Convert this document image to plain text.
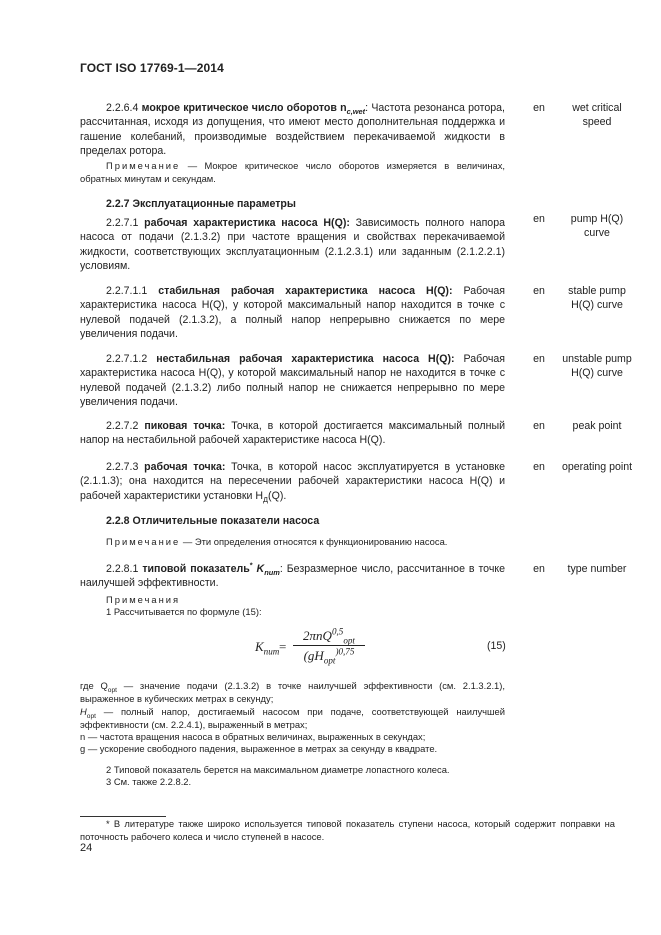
ГОСТ ISO 17769-1—2014
2.2.6.4 мокрое критическое число оборотов $n_{c,wet}$: Частота резонанса ротора, рассчитанная, исходя из допущения, что имеют место дополнительная поддержка и гашение колебаний, производимые воздействием перекачиваемой жидкости в пределах ротора.
en	wet critical speed
Примечание — Мокрое критическое число оборотов измеряется в величинах, обратных минутам и секундам.
2.2.7 Эксплуатационные параметры
2.2.7.1 рабочая характеристика насоса H(Q): Зависимость полного напора насоса от подачи (2.1.3.2) при частоте вращения и свойствах перекачиваемой жидкости, соответствующих эксплуатационным (2.1.2.3.1) или заданным (2.1.2.2.1) условиям.
en	pump H(Q) curve
2.2.7.1.1 стабильная рабочая характеристика насоса H(Q): Рабочая характеристика насоса H(Q), у которой максимальный напор находится в точке с нулевой подачей (2.1.3.2), а полный напор непрерывно снижается по мере увеличения подачи.
en	stable pump H(Q) curve
2.2.7.1.2 нестабильная рабочая характеристика насоса H(Q): Рабочая характеристика насоса H(Q), у которой максимальный напор не находится в точке с нулевой подачей (2.1.3.2) либо полный напор не снижается непрерывно по мере увеличения подачи.
en	unstable pump H(Q) curve
2.2.7.2 пиковая точка: Точка, в которой достигается максимальный полный напор на нестабильной рабочей характеристике насоса H(Q).
en	peak point
2.2.7.3 рабочая точка: Точка, в которой насос эксплуатируется в установке (2.1.1.3); она находится на пересечении рабочей характеристики насоса H(Q) и рабочей характеристики установки $H_Д(Q)$.
en	operating point
2.2.8 Отличительные показатели насоса
Примечание — Эти определения относятся к функционированию насоса.
2.2.8.1 типовой показатель* $K_{num}$: Безразмерное число, рассчитанное в точке наилучшей эффективности.
en	type number
Примечания
1 Рассчитывается по формуле (15):
$K_{num}$ =
2πnQ$^{0,5}_{opt}$
($gH_{opt}^{)0,75}$	(15)
где $Q_{opt}$ — значение подачи (2.1.3.2) в точке наилучшей эффективности (см. 2.1.3.2.1), выраженное в кубических метрах в секунду;
$H_{opt}$ — полный напор, достигаемый насосом при подаче, соответствующей наилучшей эффективности (см. 2.2.4.1), выраженный в метрах;
n — частота вращения насоса в обратных величинах, выраженных в секундах;
g — ускорение свободного падения, выраженное в метрах за секунду в квадрате.
2 Типовой показатель берется на максимальном диаметре лопастного колеса.
3 См. также 2.2.8.2.
* В литературе также широко используется типовой показатель ступени насоса, который содержит поправки на поточность рабочего колеса и число ступеней в насосе.
24
